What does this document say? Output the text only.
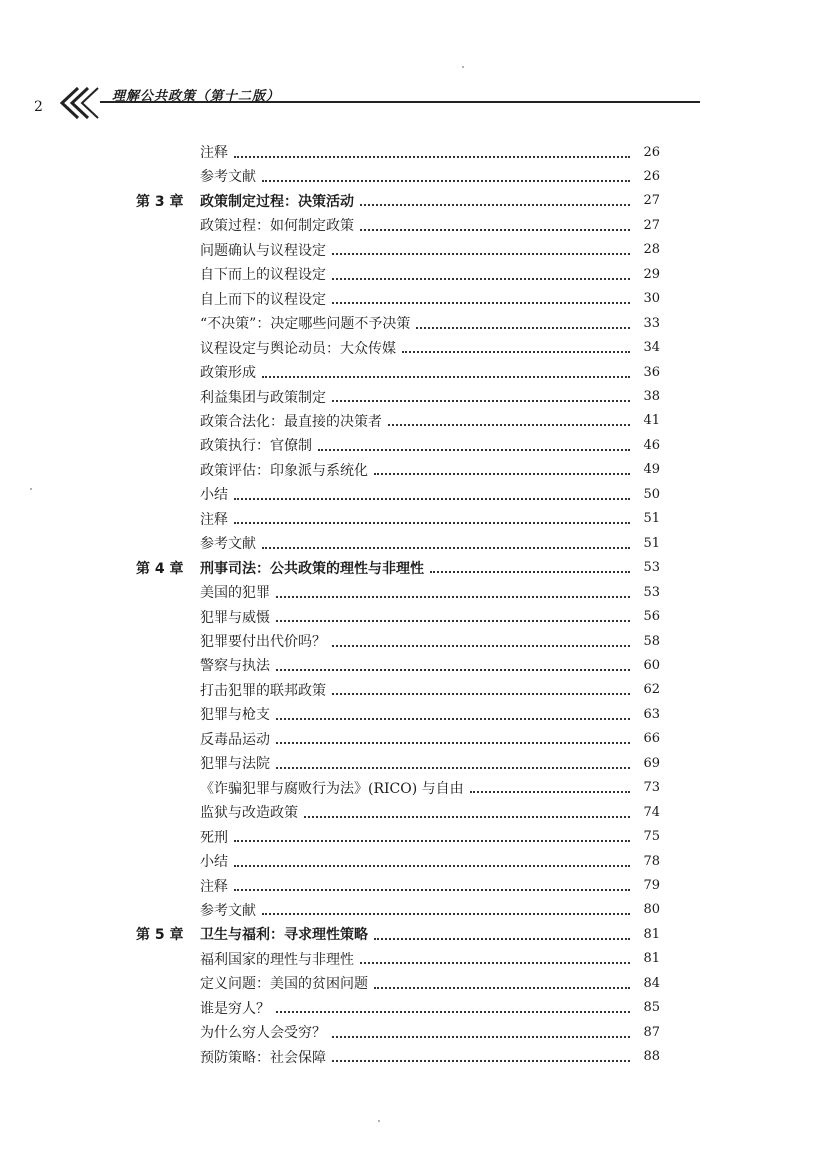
2
理解公共政策（第十二版）
注释	26
参考文献	26
第 3 章	政策制定过程：决策活动	27
政策过程：如何制定政策	27
问题确认与议程设定	28
自下而上的议程设定	29
自上而下的议程设定	30
“不决策”：决定哪些问题不予决策	33
议程设定与舆论动员：大众传媒	34
政策形成	36
利益集团与政策制定	38
政策合法化：最直接的决策者	41
政策执行：官僚制	46
政策评估：印象派与系统化	49
小结	50
注释	51
参考文献	51
第 4 章	刑事司法：公共政策的理性与非理性	53
美国的犯罪	53
犯罪与威慑	56
犯罪要付出代价吗？	58
警察与执法	60
打击犯罪的联邦政策	62
犯罪与枪支	63
反毒品运动	66
犯罪与法院	69
《诈骗犯罪与腐败行为法》(RICO) 与自由	73
监狱与改造政策	74
死刑	75
小结	78
注释	79
参考文献	80
第 5 章	卫生与福利：寻求理性策略	81
福利国家的理性与非理性	81
定义问题：美国的贫困问题	84
谁是穷人？	85
为什么穷人会受穷？	87
预防策略：社会保障	88
